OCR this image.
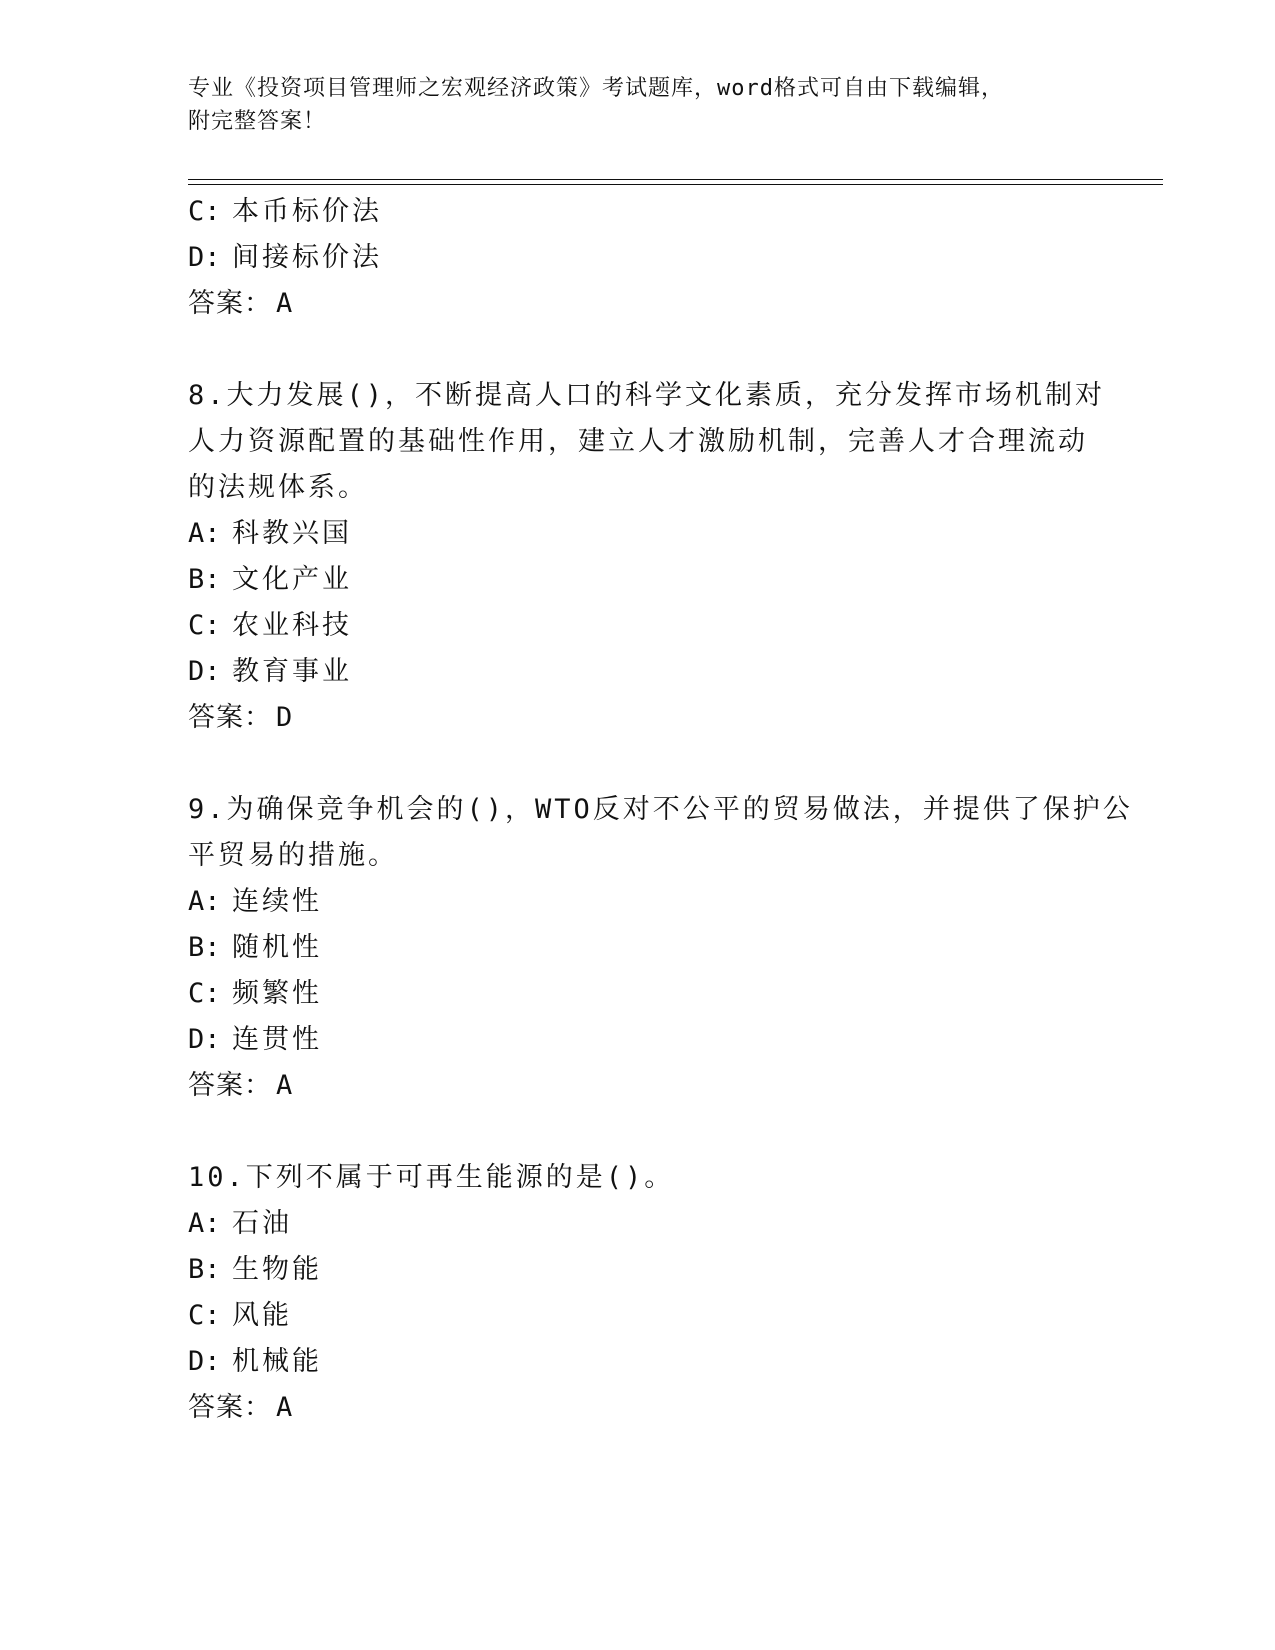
专业《投资项目管理师之宏观经济政策》考试题库，word格式可自由下载编辑，
附完整答案！
C: 本币标价法
D: 间接标价法
答案： A
8.大力发展()，不断提高人口的科学文化素质，充分发挥市场机制对
人力资源配置的基础性作用，建立人才激励机制，完善人才合理流动
的法规体系。
A: 科教兴国
B: 文化产业
C: 农业科技
D: 教育事业
答案： D
9.为确保竞争机会的()，WTO反对不公平的贸易做法，并提供了保护公
平贸易的措施。
A: 连续性
B: 随机性
C: 频繁性
D: 连贯性
答案： A
10.下列不属于可再生能源的是()。
A: 石油
B: 生物能
C: 风能
D: 机械能
答案： A
